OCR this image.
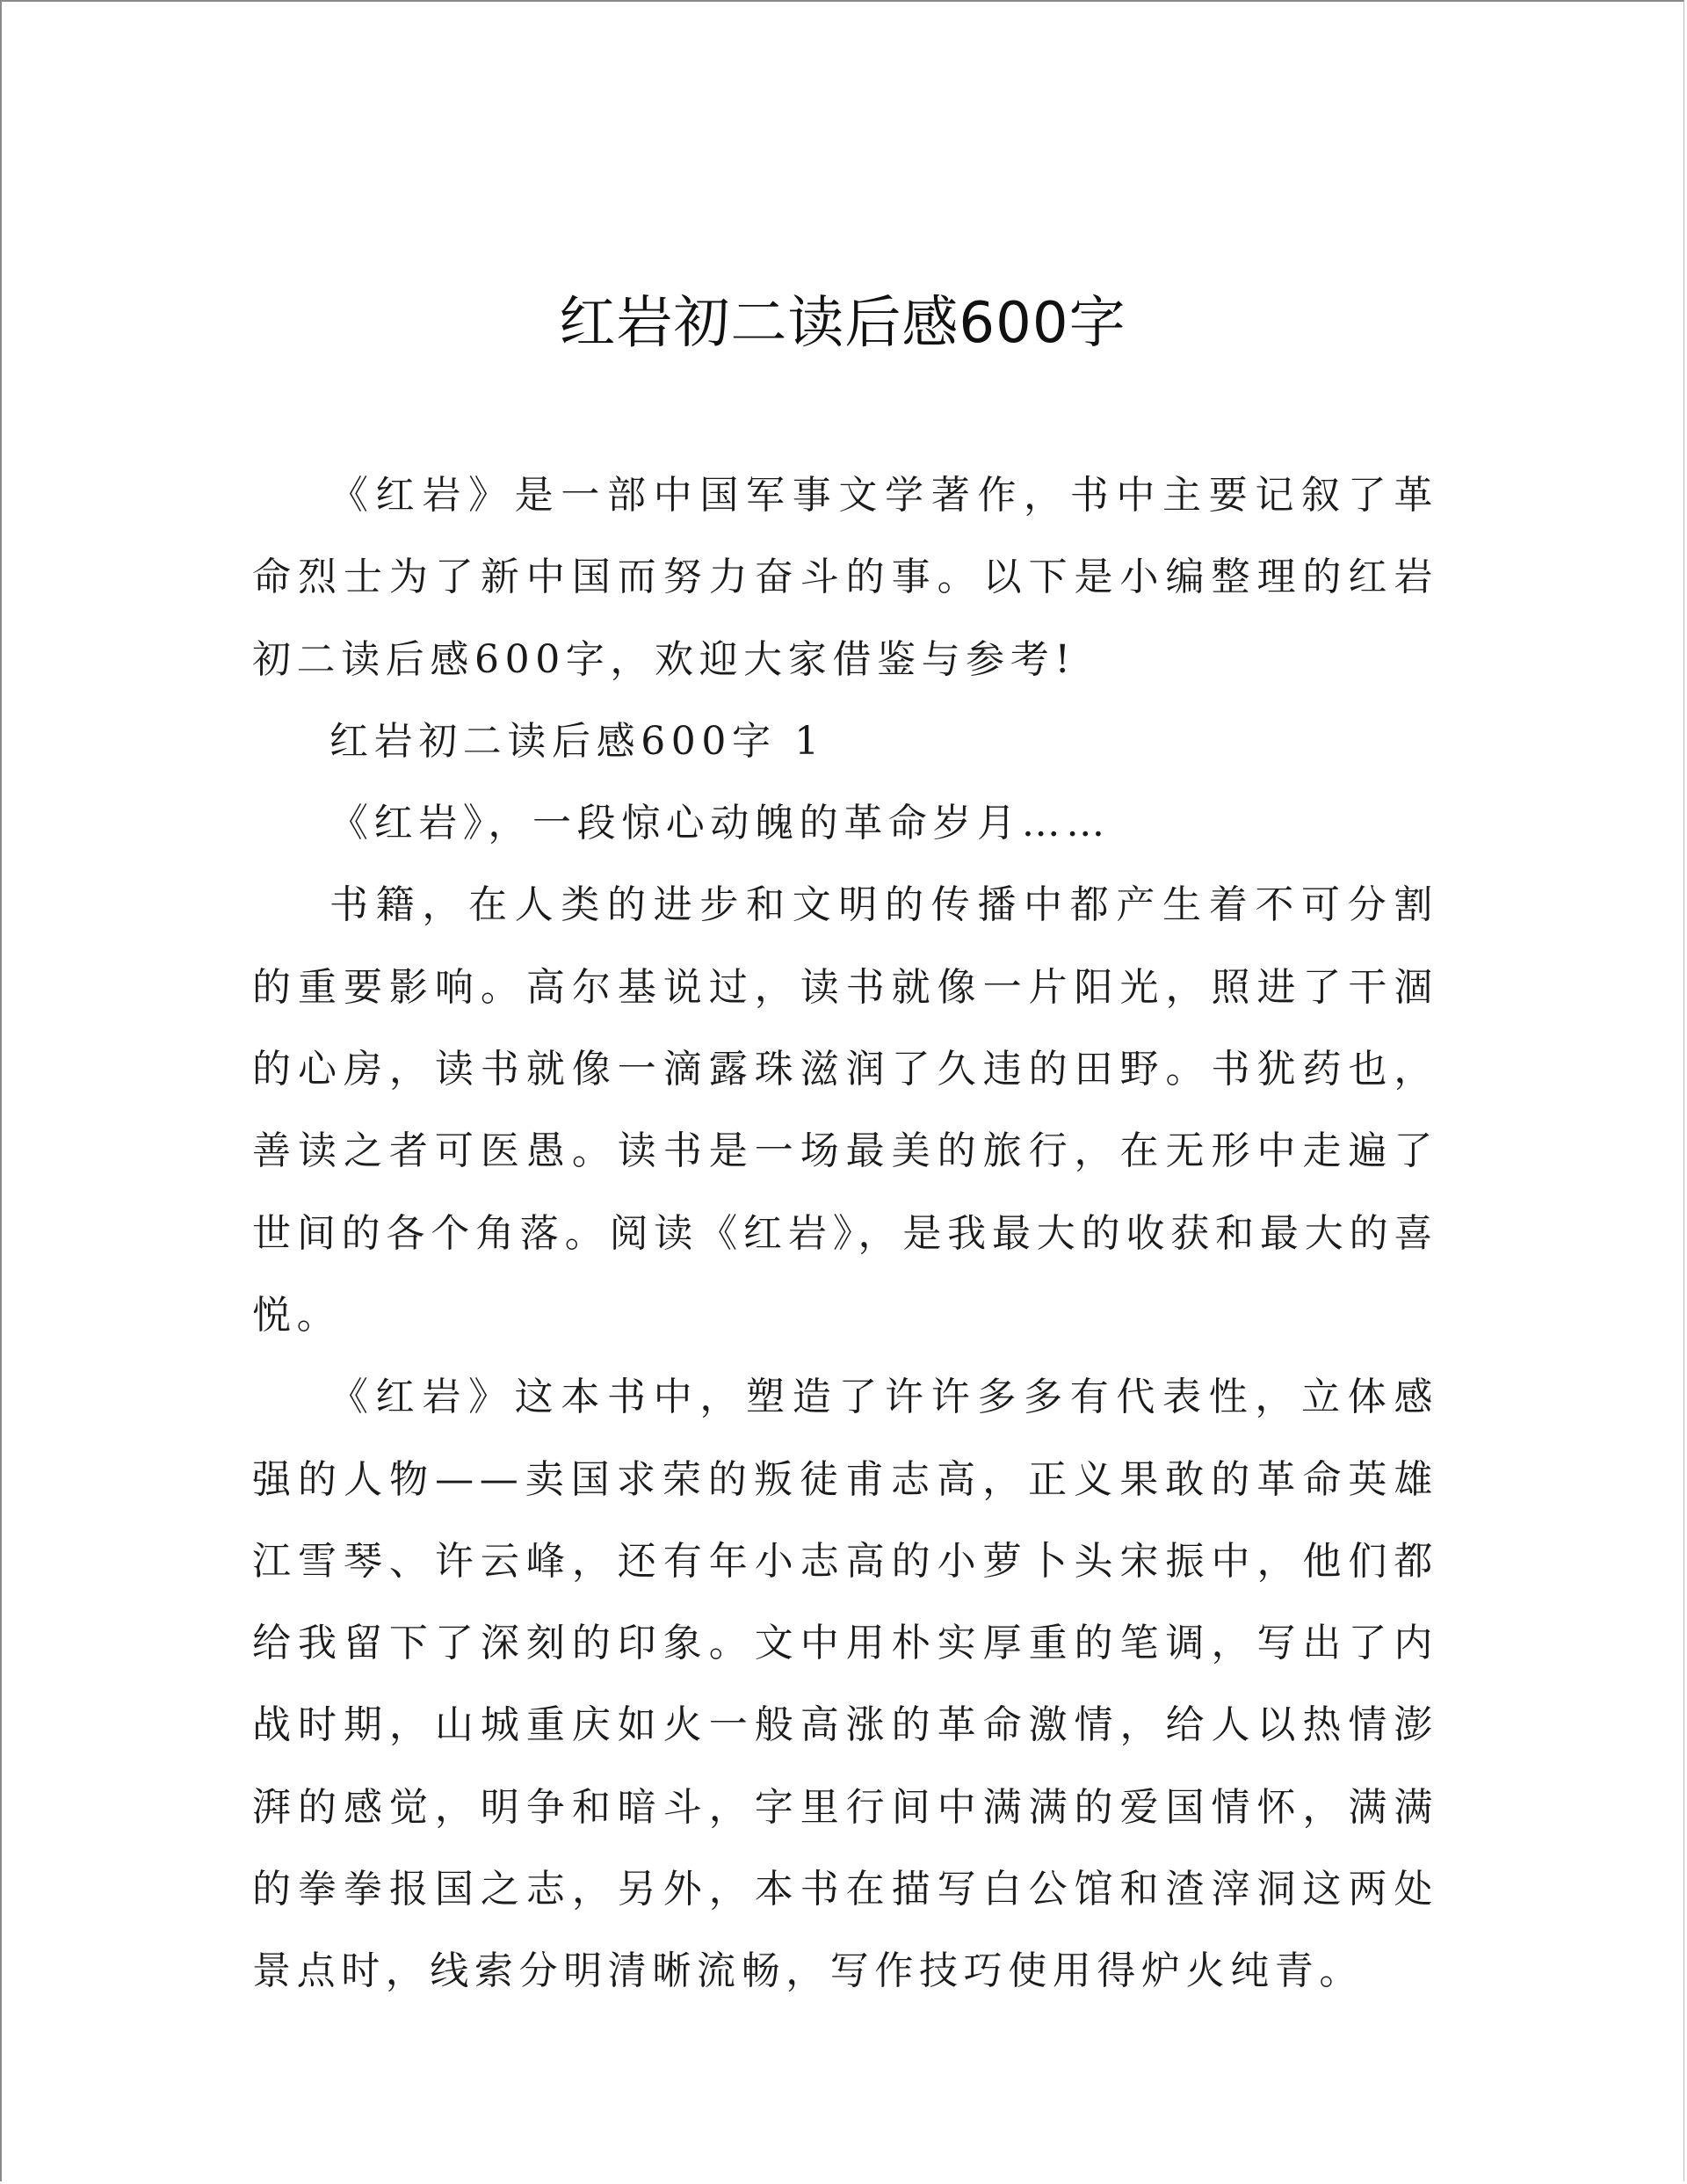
红岩初二读后感600字

《红岩》是一部中国军事文学著作，书中主要记叙了革命烈士为了新中国而努力奋斗的事。以下是小编整理的红岩初二读后感600字，欢迎大家借鉴与参考!

红岩初二读后感600字 1

《红岩》，一段惊心动魄的革命岁月……

书籍，在人类的进步和文明的传播中都产生着不可分割的重要影响。高尔基说过，读书就像一片阳光，照进了干涸的心房，读书就像一滴露珠滋润了久违的田野。书犹药也，善读之者可医愚。读书是一场最美的旅行，在无形中走遍了世间的各个角落。阅读《红岩》，是我最大的收获和最大的喜悦。

《红岩》这本书中，塑造了许许多多有代表性，立体感强的人物——卖国求荣的叛徒甫志高，正义果敢的革命英雄江雪琴、许云峰，还有年小志高的小萝卜头宋振中，他们都给我留下了深刻的印象。文中用朴实厚重的笔调，写出了内战时期，山城重庆如火一般高涨的革命激情，给人以热情澎湃的感觉，明争和暗斗，字里行间中满满的爱国情怀，满满的拳拳报国之志，另外，本书在描写白公馆和渣滓洞这两处景点时，线索分明清晰流畅，写作技巧使用得炉火纯青。
